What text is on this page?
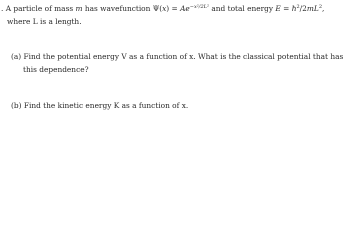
. A particle of mass m has wavefunction $\Psi(x) = Ae^{-x^2/2L^2}$ and total energy $E = \hbar^2/2mL^2$,
where L is a length.
(a) Find the potential energy V as a function of x. What is the classical potential that has
this dependence?
(b) Find the kinetic energy K as a function of x.
